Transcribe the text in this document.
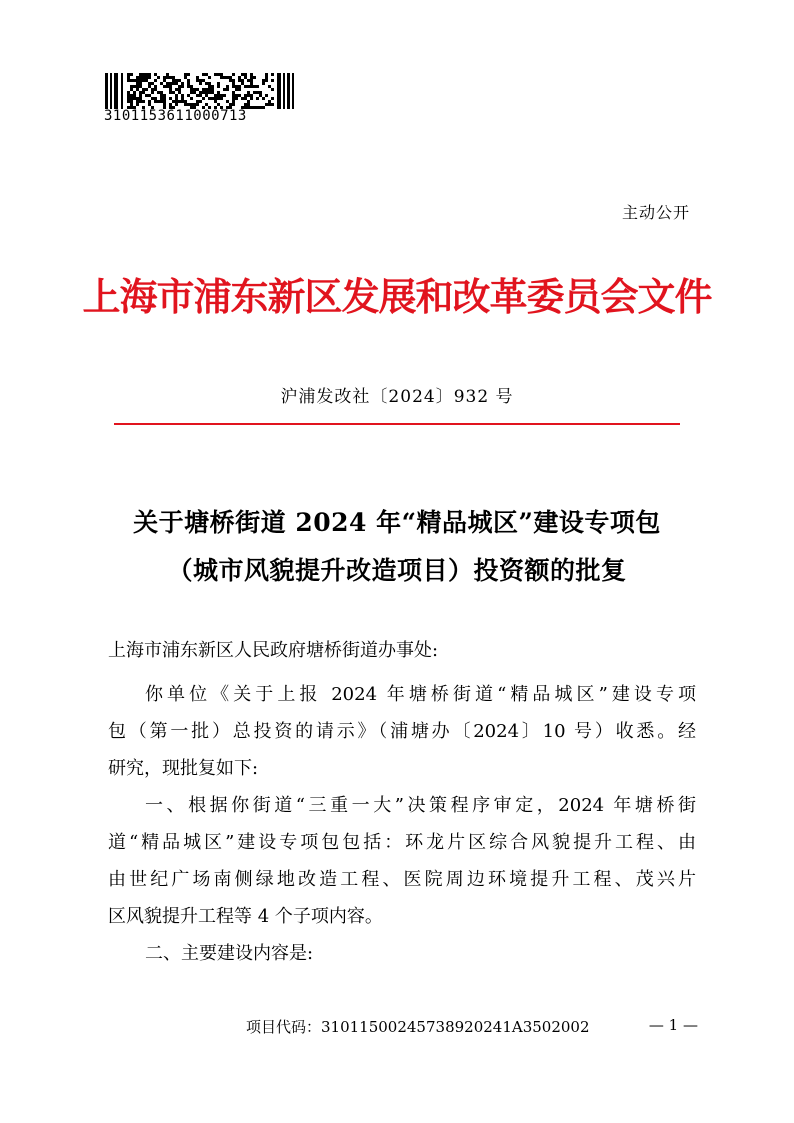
3101153611000713
主动公开
上海市浦东新区发展和改革委员会文件
沪浦发改社〔2024〕932 号
关于塘桥街道 2024 年“精品城区”建设专项包
（城市风貌提升改造项目）投资额的批复
上海市浦东新区人民政府塘桥街道办事处:
你单位《关于上报 2024 年塘桥街道“精品城区”建设专项
包（第一批）总投资的请示》（浦塘办〔2024〕10 号）收悉。经
研究，现批复如下:
一、根据你街道“三重一大”决策程序审定，2024 年塘桥街
道“精品城区”建设专项包包括：环龙片区综合风貌提升工程、由
由世纪广场南侧绿地改造工程、医院周边环境提升工程、茂兴片
区风貌提升工程等 4 个子项内容。
二、主要建设内容是:
项目代码：31011500245738920241A3502002	— 1 —
